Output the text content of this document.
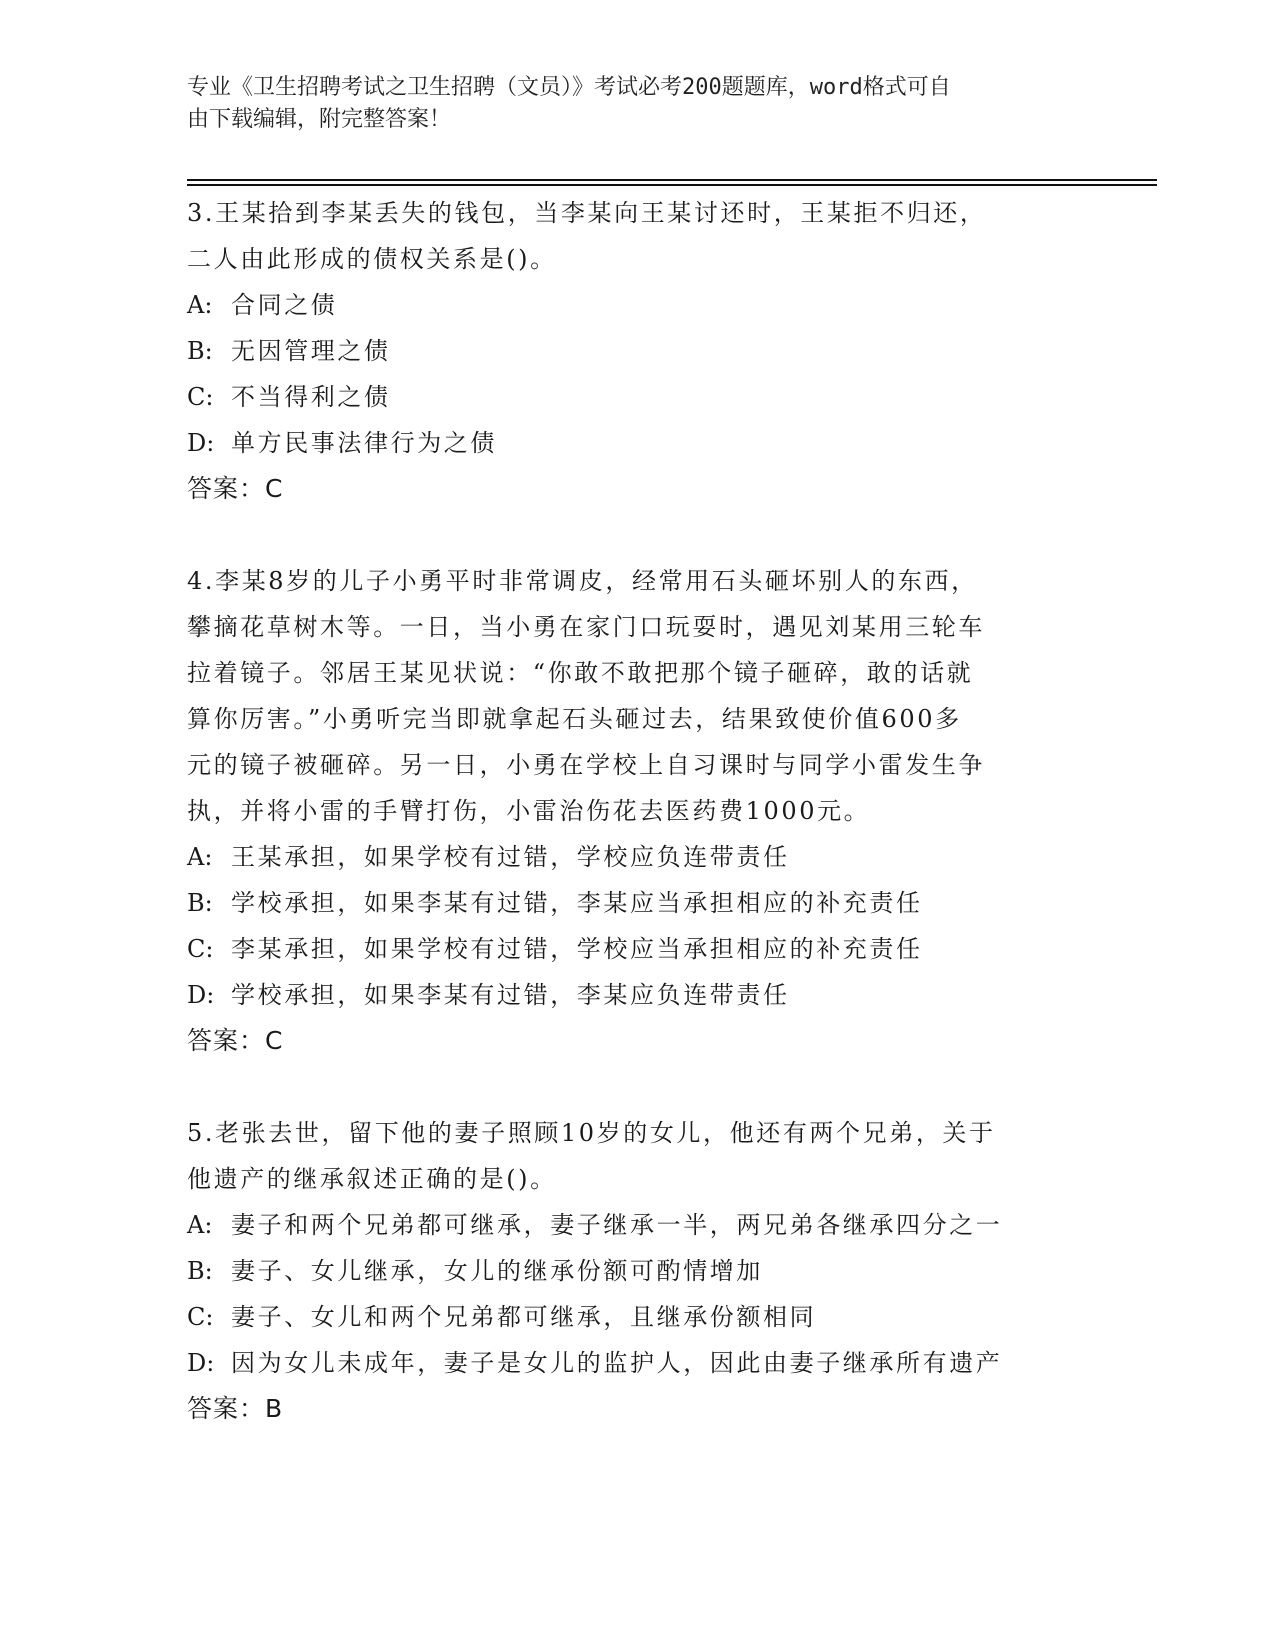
专业《卫生招聘考试之卫生招聘（文员）》考试必考200题题库，word格式可自
由下载编辑，附完整答案！

3.王某拾到李某丢失的钱包，当李某向王某讨还时，王某拒不归还，

二人由此形成的债权关系是()。

A: 合同之债

B: 无因管理之债

C: 不当得利之债

D: 单方民事法律行为之债

答案：C

4.李某8岁的儿子小勇平时非常调皮，经常用石头砸坏别人的东西，

攀摘花草树木等。一日，当小勇在家门口玩耍时，遇见刘某用三轮车

拉着镜子。邻居王某见状说：“你敢不敢把那个镜子砸碎，敢的话就

算你厉害。”小勇听完当即就拿起石头砸过去，结果致使价值600多

元的镜子被砸碎。另一日，小勇在学校上自习课时与同学小雷发生争

执，并将小雷的手臂打伤，小雷治伤花去医药费1000元。

A: 王某承担，如果学校有过错，学校应负连带责任

B: 学校承担，如果李某有过错，李某应当承担相应的补充责任

C: 李某承担，如果学校有过错，学校应当承担相应的补充责任

D: 学校承担，如果李某有过错，李某应负连带责任

答案：C

5.老张去世，留下他的妻子照顾10岁的女儿，他还有两个兄弟，关于

他遗产的继承叙述正确的是()。

A: 妻子和两个兄弟都可继承，妻子继承一半，两兄弟各继承四分之一

B: 妻子、女儿继承，女儿的继承份额可酌情增加

C: 妻子、女儿和两个兄弟都可继承，且继承份额相同

D: 因为女儿未成年，妻子是女儿的监护人，因此由妻子继承所有遗产

答案：B
